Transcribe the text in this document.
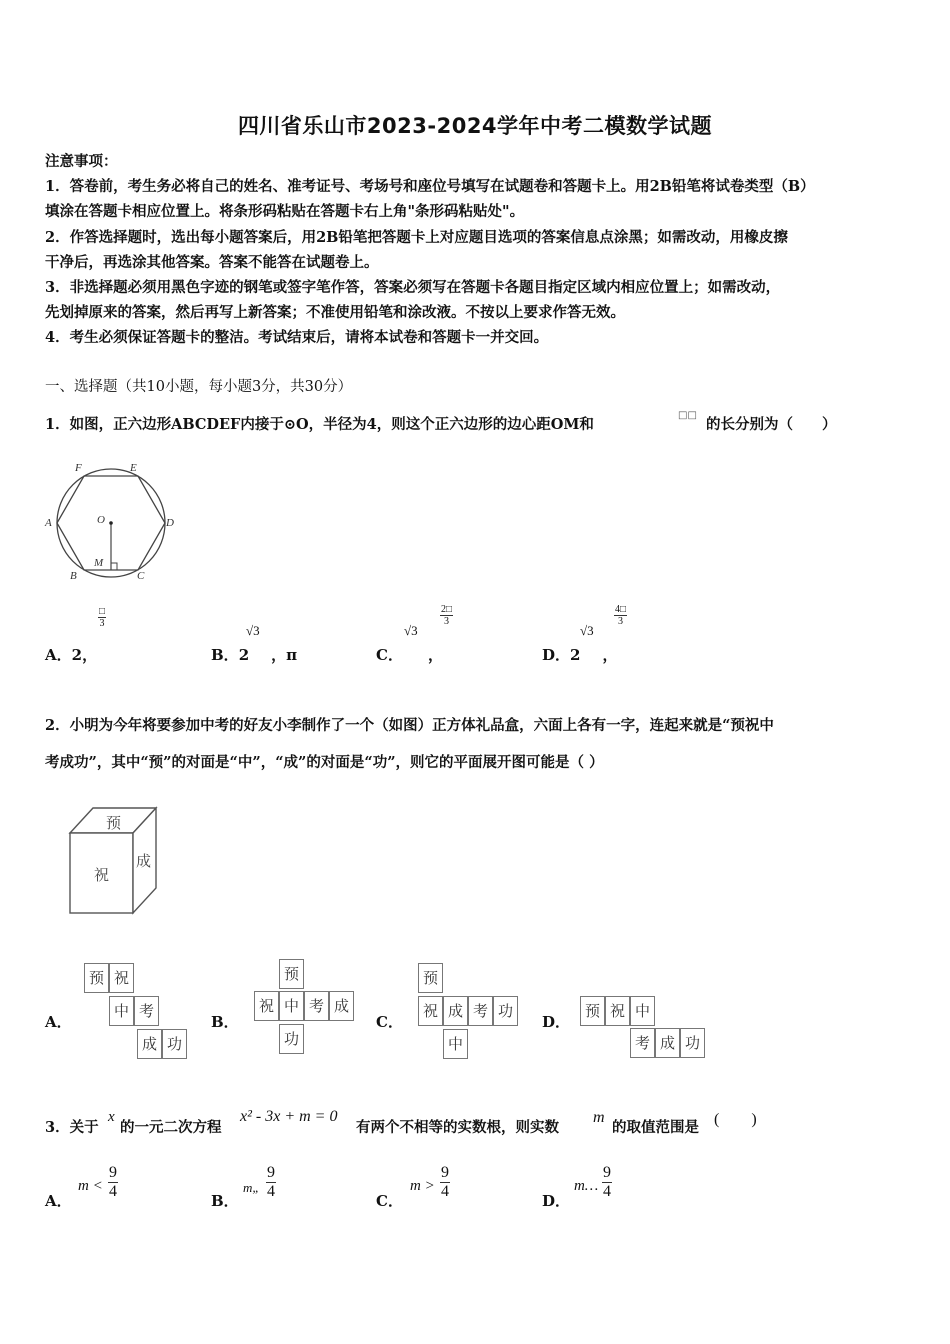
四川省乐山市2023-2024学年中考二模数学试题
注意事项：
1．答卷前，考生务必将自己的姓名、准考证号、考场号和座位号填写在试题卷和答题卡上。用2B铅笔将试卷类型（B）
填涂在答题卡相应位置上。将条形码粘贴在答题卡右上角"条形码粘贴处"。
2．作答选择题时，选出每小题答案后，用2B铅笔把答题卡上对应题目选项的答案信息点涂黑；如需改动，用橡皮擦
干净后，再选涂其他答案。答案不能答在试题卷上。
3．非选择题必须用黑色字迹的钢笔或签字笔作答，答案必须写在答题卡各题目指定区域内相应位置上；如需改动，
先划掉原来的答案，然后再写上新答案；不准使用铅笔和涂改液。不按以上要求作答无效。
4．考生必须保证答题卡的整洁。考试结束后，请将本试卷和答题卡一并交回。
一、选择题（共10小题，每小题3分，共30分）
1．如图，正六边形ABCDEF内接于⊙O，半径为4，则这个正六边形的边心距OM和
□□
的长分别为（　　）
F	E
A	D
O
M
B	C
A．2，
□
3
B．2 ，π
√3
C． ，
√3
$\frac{2□}{3}$
D．2 ，
√3
$\frac{4□}{3}$
2．小明为今年将要参加中考的好友小李制作了一个（如图）正方体礼品盒，六面上各有一字，连起来就是“预祝中
考成功”，其中“预”的对面是“中”，“成”的对面是“功”，则它的平面展开图可能是（ ）
预
祝
成
A．
预 祝
中 考
成 功
B．
预
祝 中 考 成
功
C．
预
祝 成 考 功
中
D．
预 祝 中
考 成 功
3．关于
x
的一元二次方程
x² - 3x + m = 0
有两个不相等的实数根，则实数
m
的取值范围是 (　　)
A．
$m < \frac{9}{4}$	B．
m„ $\frac{9}{4}$	C．
$m > \frac{9}{4}$	D．
m… $\frac{9}{4}$
